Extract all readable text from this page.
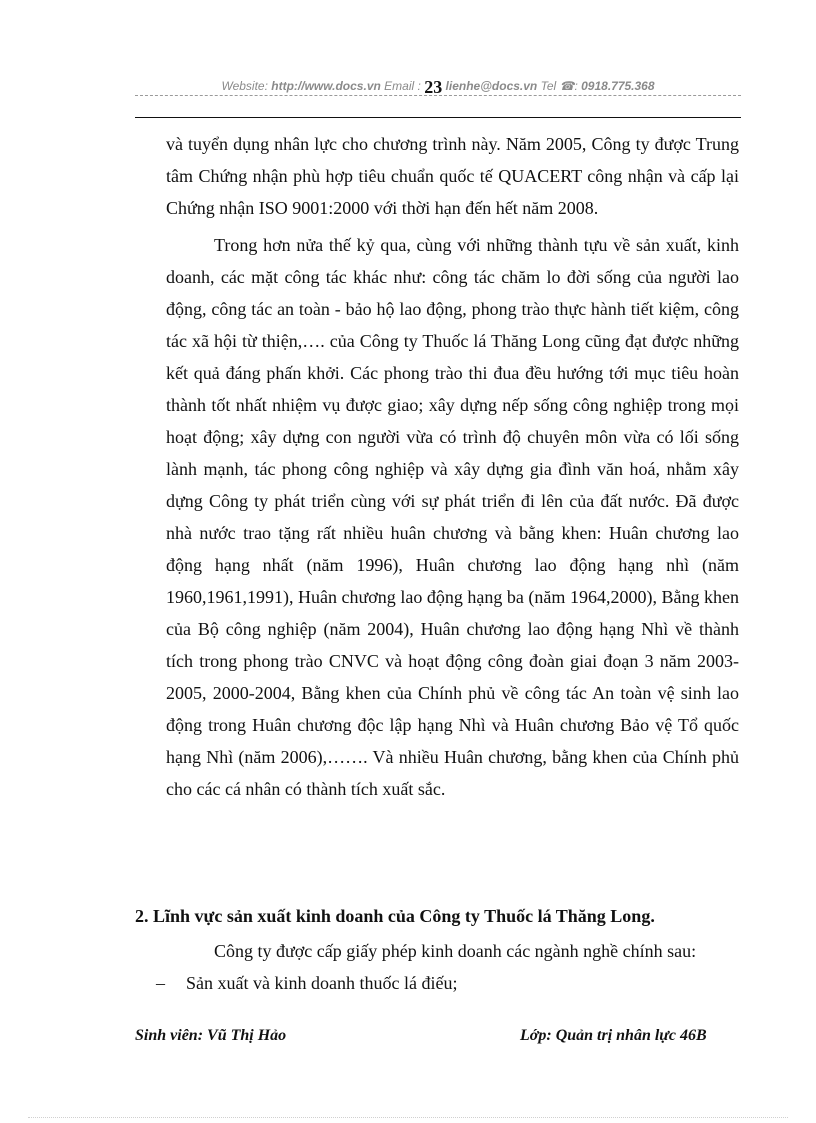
Website: http://www.docs.vn Email : 23 lienhe@docs.vn Tel ☎: 0918.775.368

và tuyển dụng nhân lực cho chương trình này. Năm 2005, Công ty được Trung tâm Chứng nhận phù hợp tiêu chuẩn quốc tế QUACERT công nhận và cấp lại Chứng nhận ISO 9001:2000 với thời hạn đến hết năm 2008.

Trong hơn nửa thế kỷ qua, cùng với những thành tựu về sản xuất, kinh doanh, các mặt công tác khác như: công tác chăm lo đời sống của người lao động, công tác an toàn - bảo hộ lao động, phong trào thực hành tiết kiệm, công tác xã hội từ thiện,…. của Công ty Thuốc lá Thăng Long cũng đạt được những kết quả đáng phấn khởi. Các phong trào thi đua đều hướng tới mục tiêu hoàn thành tốt nhất nhiệm vụ được giao; xây dựng nếp sống công nghiệp trong mọi hoạt động; xây dựng con người vừa có trình độ chuyên môn vừa có lối sống lành mạnh, tác phong công nghiệp và xây dựng gia đình văn hoá, nhằm xây dựng Công ty phát triển cùng với sự phát triển đi lên của đất nước. Đã được nhà nước trao tặng rất nhiều huân chương và bằng khen: Huân chương lao động hạng nhất (năm 1996), Huân chương lao động hạng nhì (năm 1960,1961,1991), Huân chương lao động hạng ba (năm 1964,2000), Bằng khen của Bộ công nghiệp (năm 2004), Huân chương lao động hạng Nhì về thành tích trong phong trào CNVC và hoạt động công đoàn giai đoạn 3 năm 2003-2005, 2000-2004, Bằng khen của Chính phủ về công tác An toàn vệ sinh lao động trong Huân chương độc lập hạng Nhì và Huân chương Bảo vệ Tổ quốc hạng Nhì (năm 2006),……. Và nhiều Huân chương, bằng khen của Chính phủ cho các cá nhân có thành tích xuất sắc.

2. Lĩnh vực sản xuất kinh doanh của Công ty Thuốc lá Thăng Long.

Công ty được cấp giấy phép kinh doanh các ngành nghề chính sau:

– Sản xuất và kinh doanh thuốc lá điếu;

Sinh viên: Vũ Thị Hảo	Lớp: Quản trị nhân lực 46B
